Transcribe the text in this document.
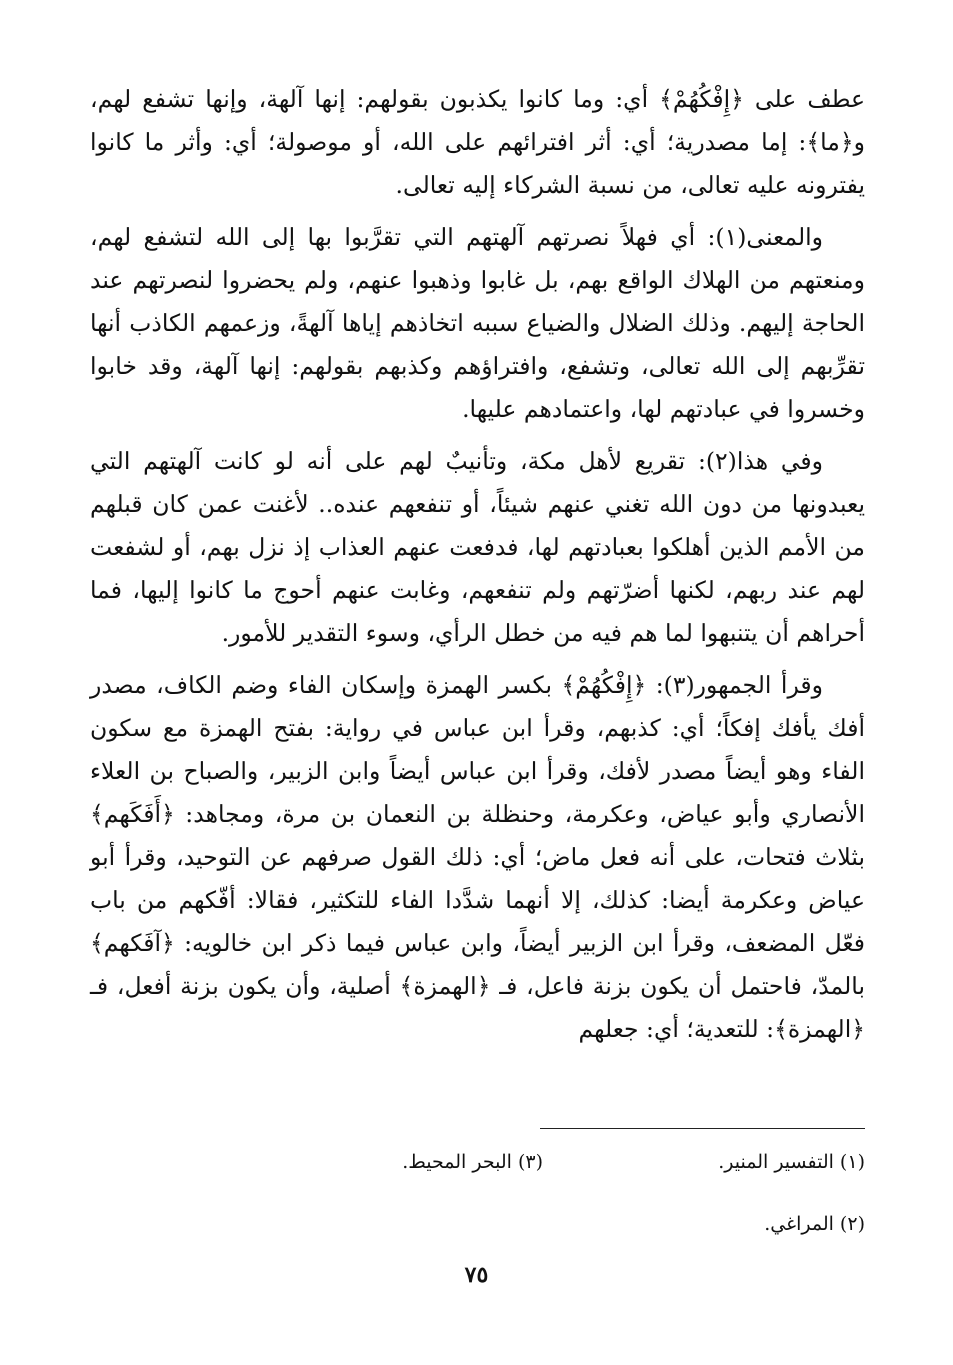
عطف على ﴿إِفْكُهُمْ﴾ أي: وما كانوا يكذبون بقولهم: إنها آلهة، وإنها تشفع لهم، و﴿ما﴾: إما مصدرية؛ أي: أثر افترائهم على الله، أو موصولة؛ أي: وأثر ما كانوا يفترونه عليه تعالى، من نسبة الشركاء إليه تعالى.

والمعنى(١): أي فهلاً نصرتهم آلهتهم التي تقرَّبوا بها إلى الله لتشفع لهم، ومنعتهم من الهلاك الواقع بهم، بل غابوا وذهبوا عنهم، ولم يحضروا لنصرتهم عند الحاجة إليهم. وذلك الضلال والضياع سببه اتخاذهم إياها آلهةً، وزعمهم الكاذب أنها تقرِّبهم إلى الله تعالى، وتشفع، وافتراؤهم وكذبهم بقولهم: إنها آلهة، وقد خابوا وخسروا في عبادتهم لها، واعتمادهم عليها.

وفي هذا(٢): تقريع لأهل مكة، وتأنيبٌ لهم على أنه لو كانت آلهتهم التي يعبدونها من دون الله تغني عنهم شيئاً، أو تنفعهم عنده.. لأغنت عمن كان قبلهم من الأمم الذين أهلكوا بعبادتهم لها، فدفعت عنهم العذاب إذ نزل بهم، أو لشفعت لهم عند ربهم، لكنها أضرّتهم ولم تنفعهم، وغابت عنهم أحوج ما كانوا إليها، فما أحراهم أن يتنبهوا لما هم فيه من خطل الرأي، وسوء التقدير للأمور.

وقرأ الجمهور(٣): ﴿إِفْكُهُمْ﴾ بكسر الهمزة وإسكان الفاء وضم الكاف، مصدر أفك يأفك إفكاً؛ أي: كذبهم، وقرأ ابن عباس في رواية: بفتح الهمزة مع سكون الفاء وهو أيضاً مصدر لأفك، وقرأ ابن عباس أيضاً وابن الزبير، والصباح بن العلاء الأنصاري وأبو عياض، وعكرمة، وحنظلة بن النعمان بن مرة، ومجاهد: ﴿أَفَكَهم﴾ بثلاث فتحات، على أنه فعل ماض؛ أي: ذلك القول صرفهم عن التوحيد، وقرأ أبو عياض وعكرمة أيضا: كذلك، إلا أنهما شدَّدا الفاء للتكثير، فقالا: أفّكهم من باب فعّل المضعف، وقرأ ابن الزبير أيضاً، وابن عباس فيما ذكر ابن خالويه: ﴿آفَكهم﴾ بالمدّ، فاحتمل أن يكون بزنة فاعل، فـ ﴿الهمزة﴾ أصلية، وأن يكون بزنة أفعل، فـ ﴿الهمزة﴾: للتعدية؛ أي: جعلهم

(١) التفسير المنير.
(٣) البحر المحيط.
(٢) المراغي.
٧٥
